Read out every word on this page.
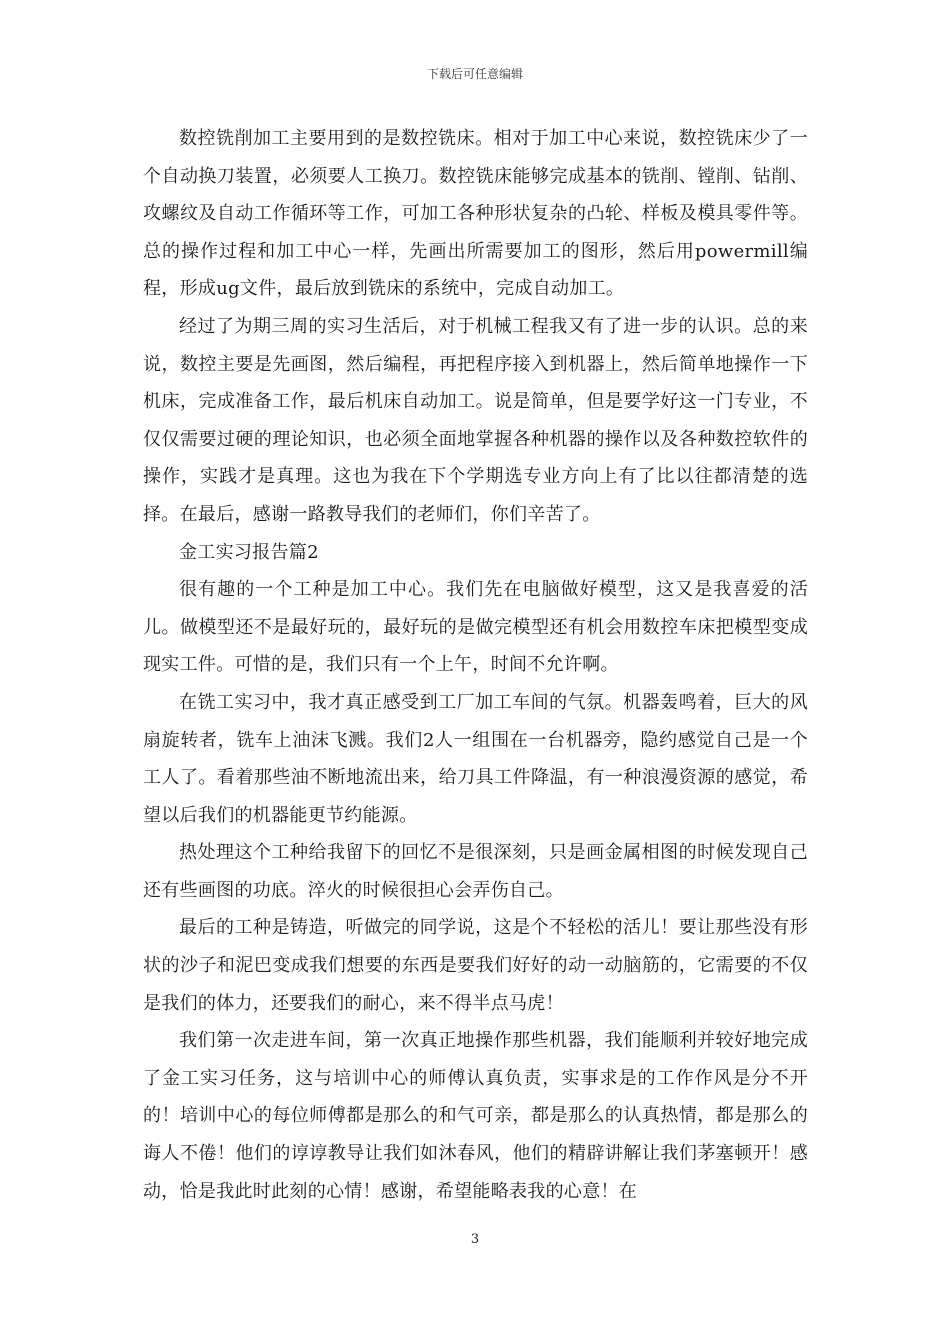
下载后可任意编辑

数控铣削加工主要用到的是数控铣床。相对于加工中心来说，数控铣床少了一个自动换刀装置，必须要人工换刀。数控铣床能够完成基本的铣削、镗削、钻削、攻螺纹及自动工作循环等工作，可加工各种形状复杂的凸轮、样板及模具零件等。总的操作过程和加工中心一样，先画出所需要加工的图形，然后用powermill编程，形成ug文件，最后放到铣床的系统中，完成自动加工。

经过了为期三周的实习生活后，对于机械工程我又有了进一步的认识。总的来说，数控主要是先画图，然后编程，再把程序接入到机器上，然后简单地操作一下机床，完成准备工作，最后机床自动加工。说是简单，但是要学好这一门专业，不仅仅需要过硬的理论知识，也必须全面地掌握各种机器的操作以及各种数控软件的操作，实践才是真理。这也为我在下个学期选专业方向上有了比以往都清楚的选择。在最后，感谢一路教导我们的老师们，你们辛苦了。

金工实习报告篇2

很有趣的一个工种是加工中心。我们先在电脑做好模型，这又是我喜爱的活儿。做模型还不是最好玩的，最好玩的是做完模型还有机会用数控车床把模型变成现实工件。可惜的是，我们只有一个上午，时间不允许啊。

在铣工实习中，我才真正感受到工厂加工车间的气氛。机器轰鸣着，巨大的风扇旋转者，铣车上油沫飞溅。我们2人一组围在一台机器旁，隐约感觉自己是一个工人了。看着那些油不断地流出来，给刀具工件降温，有一种浪漫资源的感觉，希望以后我们的机器能更节约能源。

热处理这个工种给我留下的回忆不是很深刻，只是画金属相图的时候发现自己还有些画图的功底。淬火的时候很担心会弄伤自己。

最后的工种是铸造，听做完的同学说，这是个不轻松的活儿！要让那些没有形状的沙子和泥巴变成我们想要的东西是要我们好好的动一动脑筋的，它需要的不仅是我们的体力，还要我们的耐心，来不得半点马虎！

我们第一次走进车间，第一次真正地操作那些机器，我们能顺利并较好地完成了金工实习任务，这与培训中心的师傅认真负责，实事求是的工作作风是分不开的！培训中心的每位师傅都是那么的和气可亲，都是那么的认真热情，都是那么的诲人不倦！他们的谆谆教导让我们如沐春风，他们的精辟讲解让我们茅塞顿开！感动，恰是我此时此刻的心情！感谢，希望能略表我的心意！在

3
